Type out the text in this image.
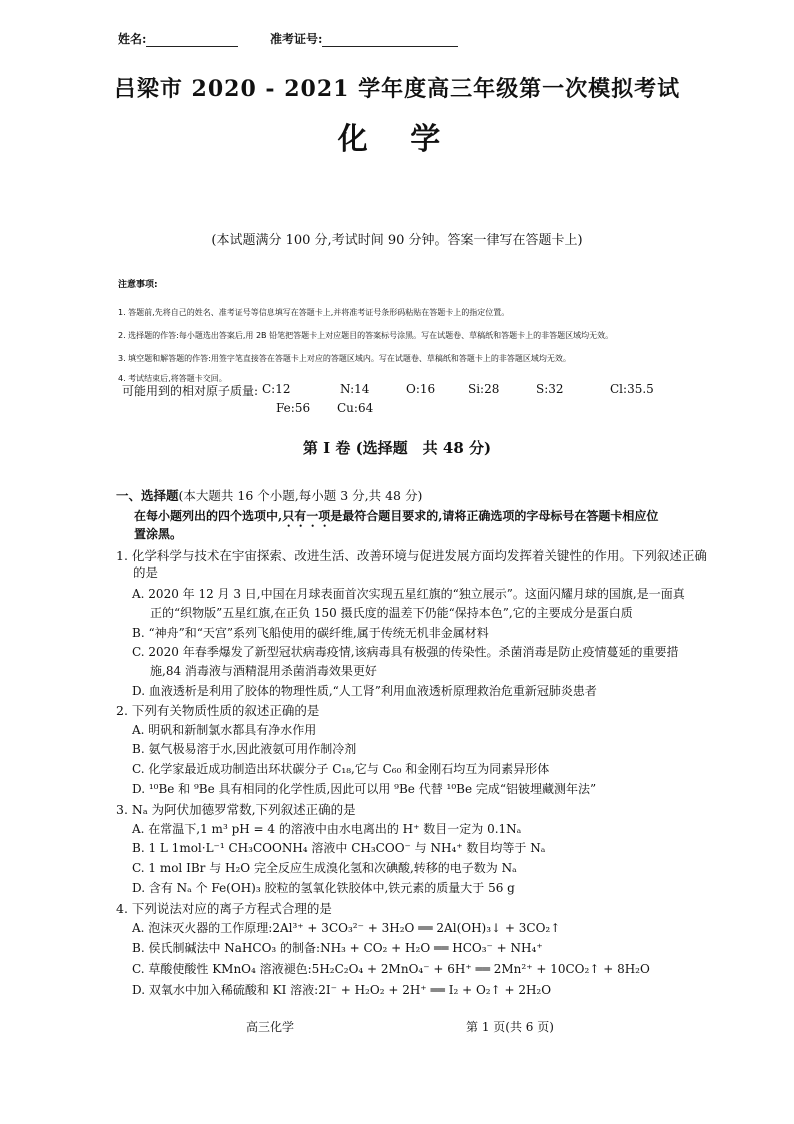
姓名:	准考证号:
吕梁市 2020 - 2021 学年度高三年级第一次模拟考试
化 学
(本试题满分 100 分,考试时间 90 分钟。答案一律写在答题卡上)
注意事项:
1. 答题前,先将自己的姓名、准考证号等信息填写在答题卡上,并将准考证号条形码粘贴在答题卡上的指定位置。
2. 选择题的作答:每小题选出答案后,用 2B 铅笔把答题卡上对应题目的答案标号涂黑。写在试题卷、草稿纸和答题卡上的非答题区域均无效。
3. 填空题和解答题的作答:用签字笔直接答在答题卡上对应的答题区域内。写在试题卷、草稿纸和答题卡上的非答题区域均无效。
4. 考试结束后,将答题卡交回。
可能用到的相对原子质量: C:12	N:14	O:16	Si:28	S:32	Cl:35.5
Fe:56 Cu:64
第 Ⅰ 卷 (选择题　共 48 分)
一、选择题(本大题共 16 个小题,每小题 3 分,共 48 分)
在每小题列出的四个选项中,只有一项是最符合题目要求的,请将正确选项的字母标号在答题卡相应位
置涂黑。
1. 化学科学与技术在宇宙探索、改进生活、改善环境与促进发展方面均发挥着关键性的作用。下列叙述正确
的是
A. 2020 年 12 月 3 日,中国在月球表面首次实现五星红旗的“独立展示”。这面闪耀月球的国旗,是一面真
正的“织物版”五星红旗,在正负 150 摄氏度的温差下仍能“保持本色”,它的主要成分是蛋白质
B. “神舟”和“天宫”系列飞船使用的碳纤维,属于传统无机非金属材料
C. 2020 年春季爆发了新型冠状病毒疫情,该病毒具有极强的传染性。杀菌消毒是防止疫情蔓延的重要措
施,84 消毒液与酒精混用杀菌消毒效果更好
D. 血液透析是利用了胶体的物理性质,“人工肾”利用血液透析原理救治危重新冠肺炎患者
2. 下列有关物质性质的叙述正确的是
A. 明矾和新制氯水都具有净水作用
B. 氨气极易溶于水,因此液氨可用作制冷剂
C. 化学家最近成功制造出环状碳分子 C₁₈,它与 C₆₀ 和金刚石均互为同素异形体
D. ¹⁰Be 和 ⁹Be 具有相同的化学性质,因此可以用 ⁹Be 代替 ¹⁰Be 完成“铝铍埋藏测年法”
3. Nₐ 为阿伏加德罗常数,下列叙述正确的是
A. 在常温下,1 m³ pH = 4 的溶液中由水电离出的 H⁺ 数目一定为 0.1Nₐ
B. 1 L 1mol·L⁻¹ CH₃COONH₄ 溶液中 CH₃COO⁻ 与 NH₄⁺ 数目均等于 Nₐ
C. 1 mol IBr 与 H₂O 完全反应生成溴化氢和次碘酸,转移的电子数为 Nₐ
D. 含有 Nₐ 个 Fe(OH)₃ 胶粒的氢氧化铁胶体中,铁元素的质量大于 56 g
4. 下列说法对应的离子方程式合理的是
A. 泡沫灭火器的工作原理:2Al³⁺ + 3CO₃²⁻ + 3H₂O ══ 2Al(OH)₃↓ + 3CO₂↑
B. 侯氏制碱法中 NaHCO₃ 的制备:NH₃ + CO₂ + H₂O ══ HCO₃⁻ + NH₄⁺
C. 草酸使酸性 KMnO₄ 溶液褪色:5H₂C₂O₄ + 2MnO₄⁻ + 6H⁺ ══ 2Mn²⁺ + 10CO₂↑ + 8H₂O
D. 双氧水中加入稀硫酸和 KI 溶液:2I⁻ + H₂O₂ + 2H⁺ ══ I₂ + O₂↑ + 2H₂O
高三化学	第 1 页(共 6 页)
